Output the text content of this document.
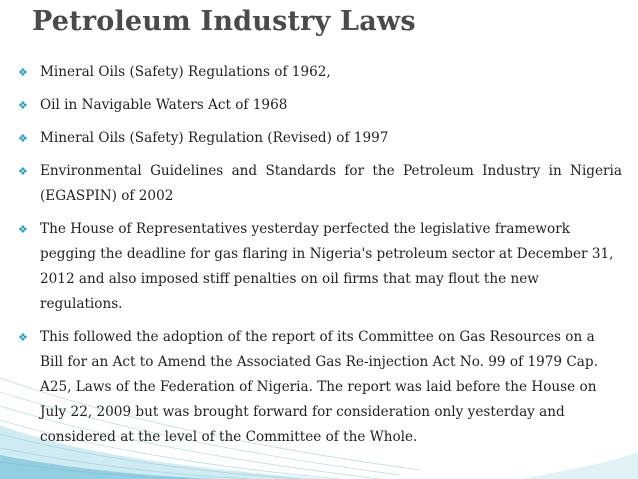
Petroleum Industry Laws
❖ Mineral Oils (Safety) Regulations of 1962,
❖ Oil in Navigable Waters Act of 1968
❖ Mineral Oils (Safety) Regulation (Revised) of 1997
❖ Environmental Guidelines and Standards for the Petroleum Industry in Nigeria (EGASPIN) of 2002
❖ The House of Representatives yesterday perfected the legislative framework pegging the deadline for gas flaring in Nigeria's petroleum sector at December 31, 2012 and also imposed stiff penalties on oil firms that may flout the new regulations.
❖ This followed the adoption of the report of its Committee on Gas Resources on a Bill for an Act to Amend the Associated Gas Re-injection Act No. 99 of 1979 Cap. A25, Laws of the Federation of Nigeria. The report was laid before the House on July 22, 2009 but was brought forward for consideration only yesterday and considered at the level of the Committee of the Whole.
